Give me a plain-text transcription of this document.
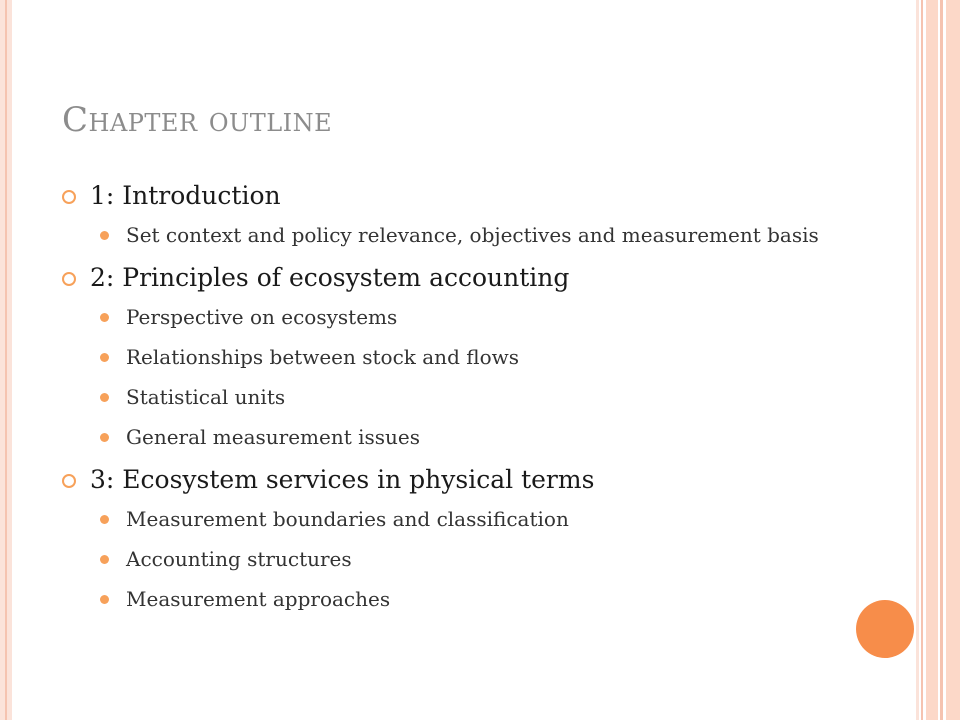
Chapter outline
1: Introduction
Set context and policy relevance, objectives and measurement basis
2: Principles of ecosystem accounting
Perspective on ecosystems
Relationships between stock and flows
Statistical units
General measurement issues
3: Ecosystem services in physical terms
Measurement boundaries and classification
Accounting structures
Measurement approaches
